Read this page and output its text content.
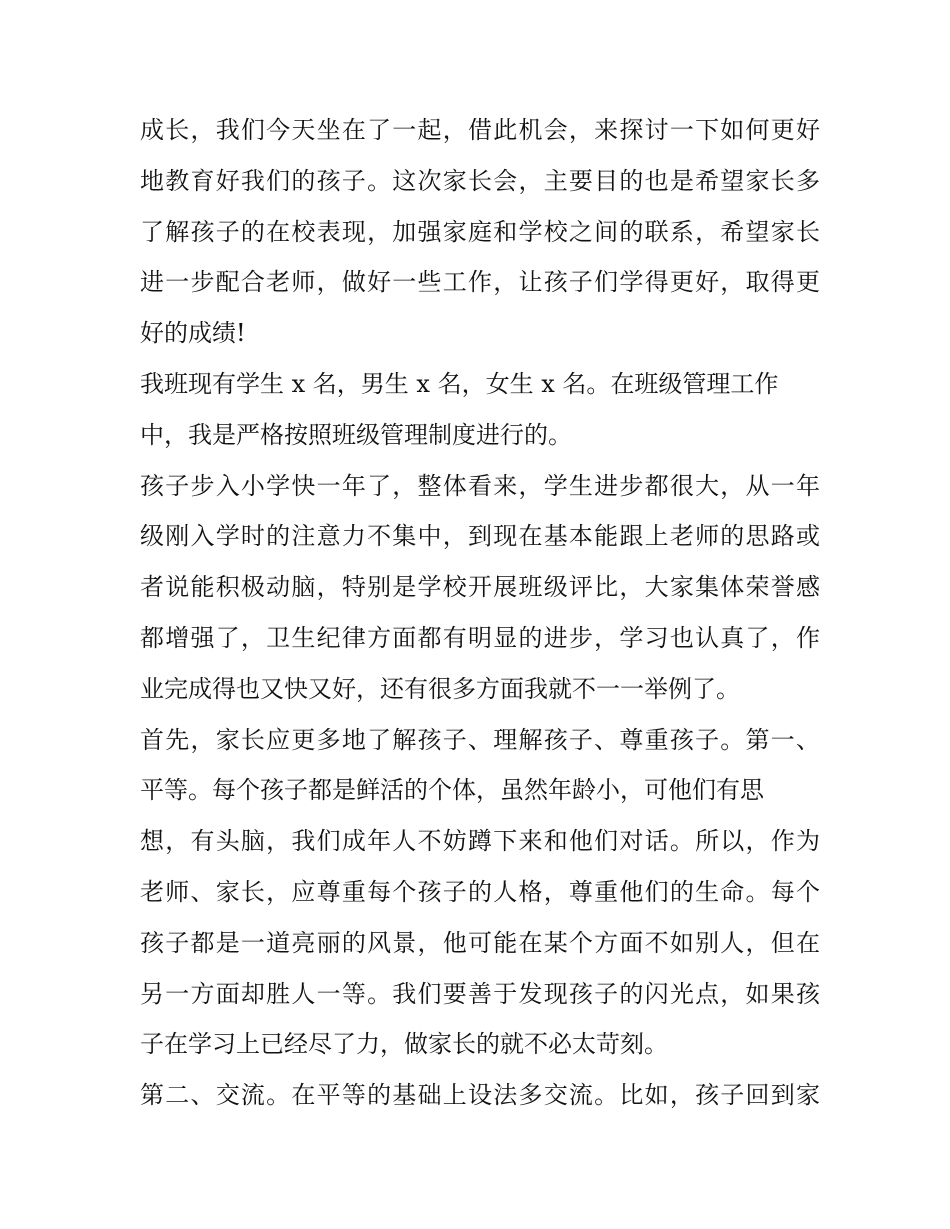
成长，我们今天坐在了一起，借此机会，来探讨一下如何更好
地教育好我们的孩子。这次家长会，主要目的也是希望家长多
了解孩子的在校表现，加强家庭和学校之间的联系，希望家长
进一步配合老师，做好一些工作，让孩子们学得更好，取得更
好的成绩!
我班现有学生 x 名，男生 x 名，女生 x 名。在班级管理工作
中，我是严格按照班级管理制度进行的。
孩子步入小学快一年了，整体看来，学生进步都很大，从一年
级刚入学时的注意力不集中，到现在基本能跟上老师的思路或
者说能积极动脑，特别是学校开展班级评比，大家集体荣誉感
都增强了，卫生纪律方面都有明显的进步，学习也认真了，作
业完成得也又快又好，还有很多方面我就不一一举例了。
首先，家长应更多地了解孩子、理解孩子、尊重孩子。第一、
平等。每个孩子都是鲜活的个体，虽然年龄小，可他们有思
想，有头脑，我们成年人不妨蹲下来和他们对话。所以，作为
老师、家长，应尊重每个孩子的人格，尊重他们的生命。每个
孩子都是一道亮丽的风景，他可能在某个方面不如别人，但在
另一方面却胜人一等。我们要善于发现孩子的闪光点，如果孩
子在学习上已经尽了力，做家长的就不必太苛刻。
第二、交流。在平等的基础上设法多交流。比如，孩子回到家
